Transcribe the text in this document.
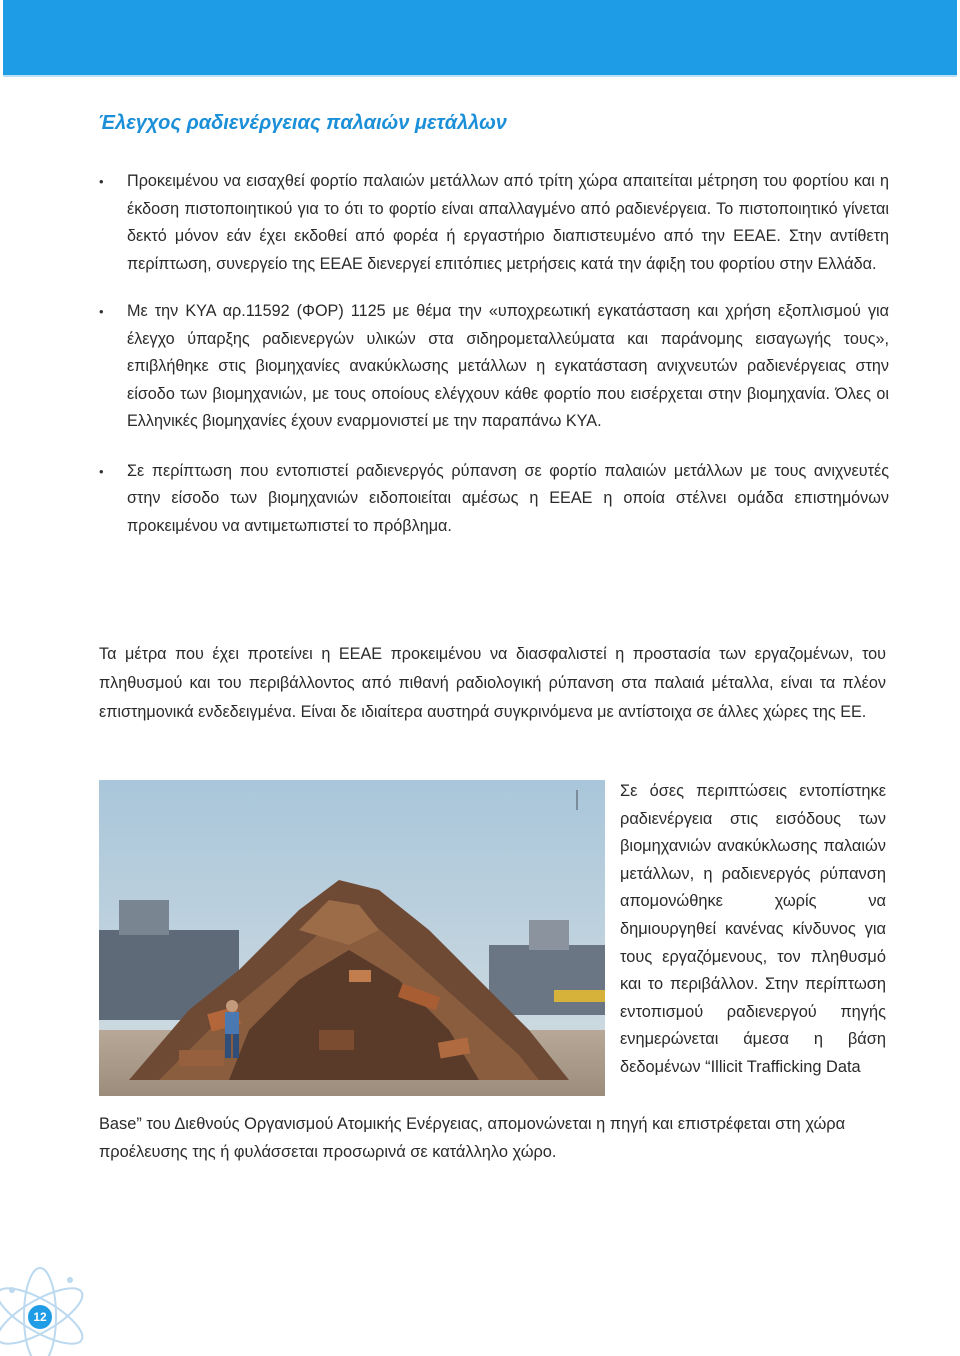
Έλεγχος ραδιενέργειας παλαιών μετάλλων
• Προκειμένου να εισαχθεί φορτίο παλαιών μετάλλων από τρίτη χώρα απαιτείται μέτρηση του φορτίου και η έκδοση πιστοποιητικού για το ότι το φορτίο είναι απαλλαγμένο από ραδιενέργεια. Το πιστοποιητικό γίνεται δεκτό μόνον εάν έχει εκδοθεί από φορέα ή εργαστήριο διαπιστευμένο από την ΕΕΑΕ. Στην αντίθετη περίπτωση, συνεργείο της ΕΕΑΕ διενεργεί επιτόπιες μετρήσεις κατά την άφιξη του φορτίου στην Ελλάδα.
• Με την ΚΥΑ αρ.11592 (ΦΟΡ) 1125 με θέμα την «υποχρεωτική εγκατάσταση και χρήση εξοπλισμού για έλεγχο ύπαρξης ραδιενεργών υλικών στα σιδηρομεταλλεύματα και παράνομης εισαγωγής τους», επιβλήθηκε στις βιομηχανίες ανακύκλωσης μετάλλων η εγκατάσταση ανιχνευτών ραδιενέργειας στην είσοδο των βιομηχανιών, με τους οποίους ελέγχουν κάθε φορτίο που εισέρχεται στην βιομηχανία. Όλες οι Ελληνικές βιομηχανίες έχουν εναρμονιστεί με την παραπάνω ΚΥΑ.
• Σε περίπτωση που εντοπιστεί ραδιενεργός ρύπανση σε φορτίο παλαιών μετάλλων με τους ανιχνευτές στην είσοδο των βιομηχανιών ειδοποιείται αμέσως η ΕΕΑΕ η οποία στέλνει ομάδα επιστημόνων προκειμένου να αντιμετωπιστεί το πρόβλημα.

Τα μέτρα που έχει προτείνει η ΕΕΑΕ προκειμένου να διασφαλιστεί η προστασία των εργαζομένων, του πληθυσμού και του περιβάλλοντος από πιθανή ραδιολογική ρύπανση στα παλαιά μέταλλα, είναι τα πλέον επιστημονικά ενδεδειγμένα. Είναι δε ιδιαίτερα αυστηρά συγκρινόμενα με αντίστοιχα σε άλλες χώρες της ΕΕ.

Σε όσες περιπτώσεις εντοπίστηκε ραδιενέργεια στις εισόδους των βιομηχανιών ανακύκλωσης παλαιών μετάλλων, η ραδιενεργός ρύπανση απομονώθηκε χωρίς να δημιουργηθεί κανένας κίνδυνος για τους εργαζόμενους, τον πληθυσμό και το περιβάλλον. Στην περίπτωση εντοπισμού ραδιενεργού πηγής ενημερώνεται άμεσα η βάση δεδομένων “Illicit Trafficking Data

Base” του Διεθνούς Οργανισμού Ατομικής Ενέργειας, απομονώνεται η πηγή και επιστρέφεται στη χώρα προέλευσης της ή φυλάσσεται προσωρινά σε κατάλληλο χώρο.

12
